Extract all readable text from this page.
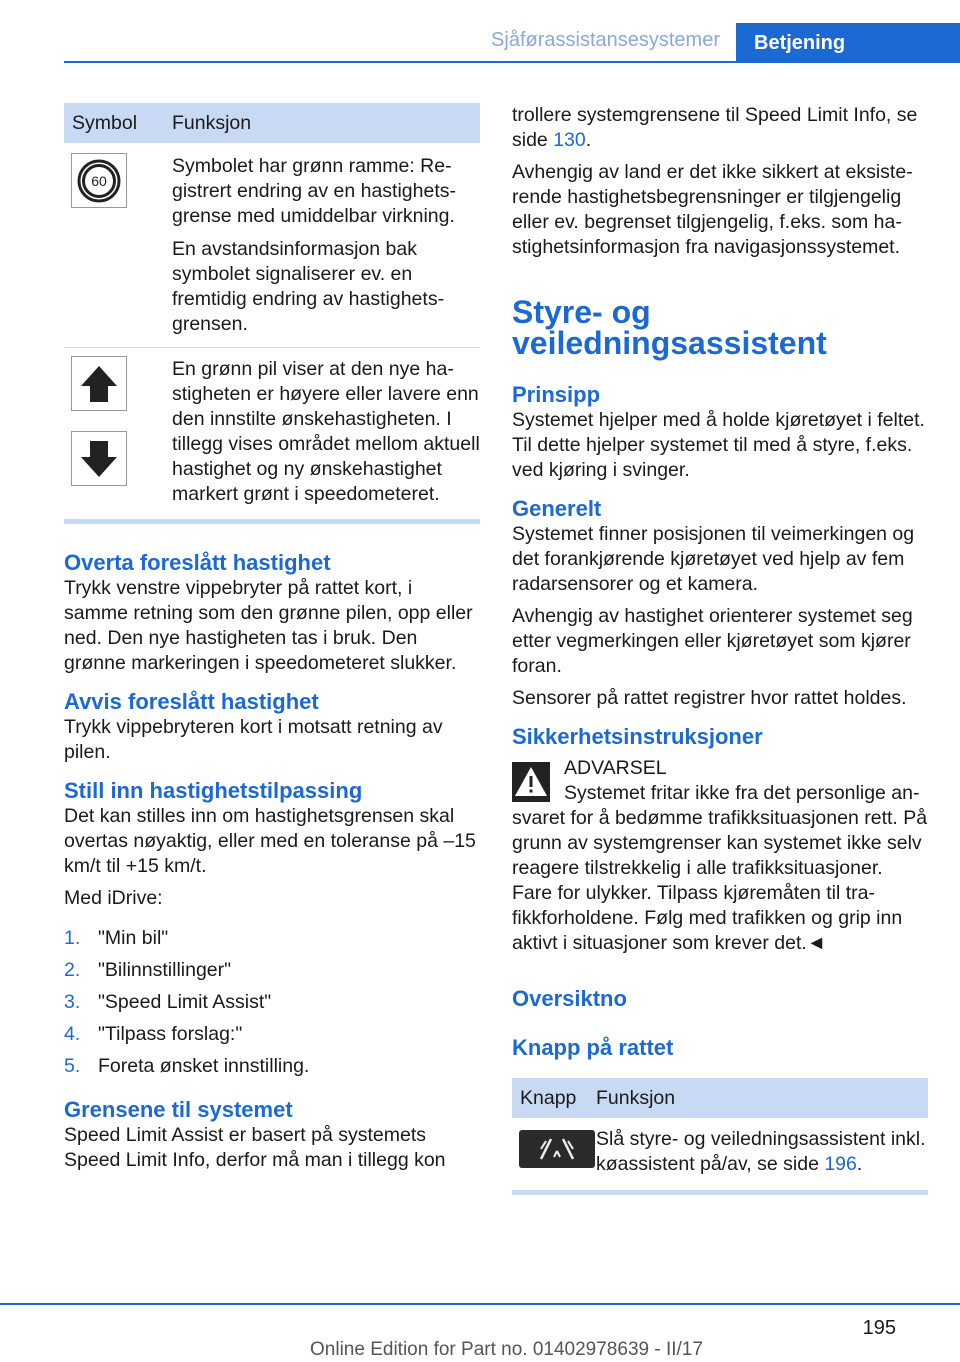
Sjåførassistansesystemer	Betjening
Symbol	Funksjon

60	Symbolet har grønn ramme: Registrert endring av en hastighetsgrense med umiddelbar virkning.

En avstandsinformasjon bak symbolet signaliserer ev. en fremtidig endring av hastighetsgrensen.

En grønn pil viser at den nye hastigheten er høyere eller lavere enn den innstilte ønskehastigheten. I tillegg vises området mellom aktuell hastighet og ny ønskehastighet markert grønt i speedometeret.

Overta foreslått hastighet

Trykk venstre vippebryter på rattet kort, i samme retning som den grønne pilen, opp eller ned. Den nye hastigheten tas i bruk. Den grønne markeringen i speedometeret slukker.

Avvis foreslått hastighet

Trykk vippebryteren kort i motsatt retning av pilen.

Still inn hastighetstilpassing

Det kan stilles inn om hastighetsgrensen skal overtas nøyaktig, eller med en toleranse på –15 km/t til +15 km/t.

Med iDrive:

1. "Min bil"
2. "Bilinnstillinger"
3. "Speed Limit Assist"
4. "Tilpass forslag:"
5. Foreta ønsket innstilling.
Grensene til systemet

Speed Limit Assist er basert på systemets Speed Limit Info, derfor må man i tillegg kon

trollere systemgrensene til Speed Limit Info, se side 130.

Avhengig av land er det ikke sikkert at eksisterende hastighetsbegrensninger er tilgjengelig eller ev. begrenset tilgjengelig, f.eks. som hastighetsinformasjon fra navigasjonssystemet.

Styre- og veiledningsassistent
Prinsipp

Systemet hjelper med å holde kjøretøyet i feltet. Til dette hjelper systemet til med å styre, f.eks. ved kjøring i svinger.

Generelt

Systemet finner posisjonen til veimerkingen og det forankjørende kjøretøyet ved hjelp av fem radarsensorer og et kamera.

Avhengig av hastighet orienterer systemet seg etter vegmerkingen eller kjøretøyet som kjører foran.

Sensorer på rattet registrer hvor rattet holdes.

Sikkerhetsinstruksjoner

ADVARSEL

Systemet fritar ikke fra det personlige ansvaret for å bedømme trafikksituasjonen rett. På grunn av systemgrenser kan systemet ikke selv reagere tilstrekkelig i alle trafikksituasjoner. Fare for ulykker. Tilpass kjøremåten til trafikkforholdene. Følg med trafikken og grip inn aktivt i situasjoner som krever det.◄

Oversiktno
Knapp på rattet
Knapp	Funksjon

Slå styre- og veiledningsassistent inkl. køassistent på/av, se side 196.

195
Online Edition for Part no. 01402978639 - II/17
